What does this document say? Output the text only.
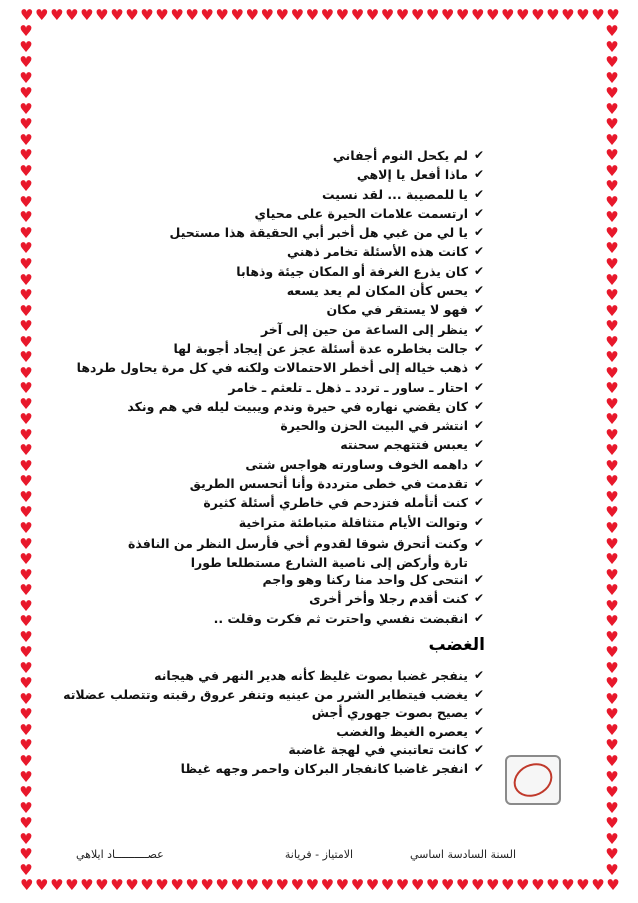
♥ ♥ ♥ ♥ ♥ ♥ ♥ ♥ ♥ ♥ ♥ ♥ ♥ ♥ ♥ ♥ ♥ ♥ ♥ ♥ ♥ ♥ ♥ ♥ ♥ ♥ ♥ ♥ ♥ ♥ ♥ ♥ ♥ ♥ ♥ ♥ ♥ ♥ ♥ ♥
♥ ♥ ♥ ♥ ♥ ♥ ♥ ♥ ♥ ♥ ♥ ♥ ♥ ♥ ♥ ♥ ♥ ♥ ♥ ♥ ♥ ♥ ♥ ♥ ♥ ♥ ♥ ♥ ♥ ♥ ♥ ♥ ♥ ♥ ♥ ♥ ♥ ♥ ♥ ♥
♥
♥
♥
♥
♥
♥
♥
♥
♥
♥
♥
♥
♥
♥
♥
♥
♥
♥
♥
♥
♥
♥
♥
♥
♥
♥
♥
♥
♥
♥
♥
♥
♥
♥
♥
♥
♥
♥
♥
♥
♥
♥
♥
♥
♥
♥
♥
♥
♥
♥
♥
♥
♥
♥
♥
♥
♥
♥
♥
♥
♥
♥
♥
♥
♥
♥
♥
♥
♥
♥
♥
♥
♥
♥
♥
♥
♥
♥
♥
♥
♥
♥
♥
♥
♥
♥
♥
♥
♥
♥
♥
♥
♥
♥
♥
♥
♥
♥
♥
♥
♥
♥
♥
♥
♥
♥
♥
♥
♥
♥
✔
لم يكحل النوم أجفاني
✔
ماذا أفعل يا إلاهي
✔
يا للمصيبة ... لقد نسيت
✔
ارتسمت علامات الحيرة على محياي
✔
يا لي من غبي هل أخبر أبي الحقيقة هذا مستحيل
✔
كانت هذه الأسئلة تخامر ذهني
✔
كان يذرع الغرفة أو المكان جيئة وذهابا
✔
يحس كأن المكان لم يعد يسعه
✔
فهو لا يستقر في مكان
✔
ينظر إلى الساعة من حين إلى آخر
✔
جالت بخاطره عدة أسئلة عجز عن إيجاد أجوبة لها
✔
ذهب خياله إلى أخطر الاحتمالات ولكنه في كل مرة يحاول طردها
✔
احتار ـ ساور ـ تردد ـ ذهل ـ تلعثم ـ خامر
✔
كان يقضي نهاره في حيرة وندم ويبيت ليله في هم ونكد
✔
انتشر في البيت الحزن والحيرة
✔
يعبس فتتهجم سحنته
✔
داهمه الخوف وساورته هواجس شتى
✔
تقدمت في خطى مترددة وأنا أتحسس الطريق
✔
كنت أتأمله فتزدحم في خاطري أسئلة كثيرة
✔
وتوالت الأيام متثاقلة متباطئة متراخية
✔
وكنت أتحرق شوقا لقدوم أخي فأرسل النظر من النافذة تارة وأركض إلى ناصية الشارع مستطلعا طورا
✔
انتحى كل واحد منا ركنا وهو واجم
✔
كنت أقدم رجلا وأخر أخرى
✔
انقبضت نفسي واحترت ثم فكرت وقلت ..
الغضب
✔
ينفجر غضبا بصوت غليظ كأنه هدير النهر في هيجانه
✔
يغضب فيتطاير الشرر من عينيه وتنفر عروق رقبته وتتصلب عضلاته
✔
يصيح بصوت جهوري أجش
✔
يعصره الغيظ والغضب
✔
كانت تعاتبني في لهجة غاضبة
✔
انفجر غاضبا كانفجار البركان واحمر وجهه غيظا
السنة السادسة اساسي
الامتياز - فريانة
عصــــــــــاد ايلاهي
